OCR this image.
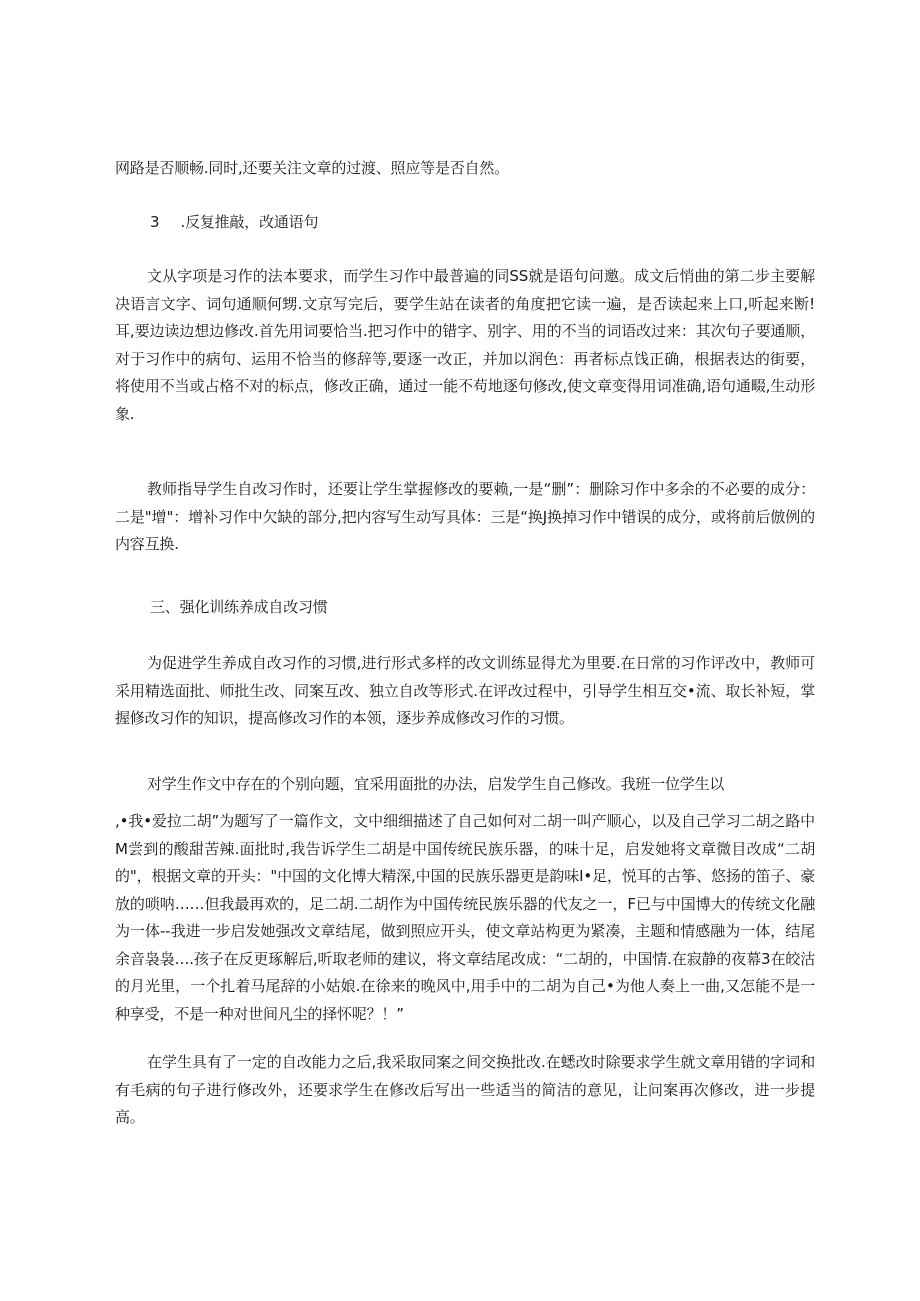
网路是否顺畅.同时,还要关注文章的过渡、照应等是否自然。

3 .反复推敲，改通语句

文从字项是习作的法本要求，而学生习作中最普遍的同SS就是语句问邀。成文后悄曲的第二步主要解决语言文字、词句通顺何甥.文京写完后，要学生站在读者的角度把它读一遍，是否读起来上口,听起来断!耳,要边读边想边修改.首先用词要恰当.把习作中的错字、别字、用的不当的词语改过来：其次句子要通顺，对于习作中的病句、运用不恰当的修辞等,要逐一改正，并加以润色：再者标点饯正确，根据表达的街要，将使用不当或占格不对的标点，修改正确，通过一能不苟地逐句修改,使文章变得用词准确,语句通畷,生动形象.

教师指导学生自改习作时，还要让学生掌握修改的要赖,一是“删”：删除习作中多余的不必要的成分：二是"增"：增补习作中欠缺的部分,把内容写生动写具体：三是“换J换掉习作中错误的成分，或将前后倣例的内容互换.

三、强化训练养成自改习惯

为促进学生养成自改习作的习惯,进行形式多样的改文训练显得尤为里要.在日常的习作评改中，教师可采用精选面批、师批生改、同案互改、独立自改等形式.在评改过程中，引导学生相互交•流、取长补短，掌握修改习作的知识，提高修改习作的本领，逐步养成修改习作的习惯。

对学生作文中存在的个别向题，宜采用面批的办法，启发学生自己修改。我班一位学生以

,•我•爱拉二胡”为题写了一篇作文，文中细细描述了自己如何对二胡一叫产顺心，以及自己学习二胡之路中M尝到的酸甜苦辣.面批时,我告诉学生二胡是中国传统民族乐器，的味十足，启发她将文章微目改成“二胡的"，根据文章的开头："中国的文化博大精深,中国的民族乐器更是韵味I•足，悦耳的古筝、悠扬的笛子、豪放的唢呐……但我最再欢的，足二胡.二胡作为中国传统民族乐器的代友之一，F已与中国博大的传统文化融为一体--我进一步启发她强改文章结尾，做到照应开头，使文章站构更为紧凑，主题和情感融为一体，结尾余音袅袅….孩子在反更琢解后,听取老师的建议，将文章结尾改成：“二胡的，中国情.在寂静的夜幕3在皎沽的月光里，一个扎着马尾辞的小姑娘.在徐来的晚风中,用手中的二胡为自己•为他人奏上一曲,又怎能不是一种享受，不是一种对世间凡尘的择怀呢？！”

在学生具有了一定的自改能力之后,我采取同案之间交换批改.在蟋改时除要求学生就文章用错的字词和有毛病的句子进行修改外，还要求学生在修改后写出一些适当的简洁的意见，让问案再次修改，进一步提高。
